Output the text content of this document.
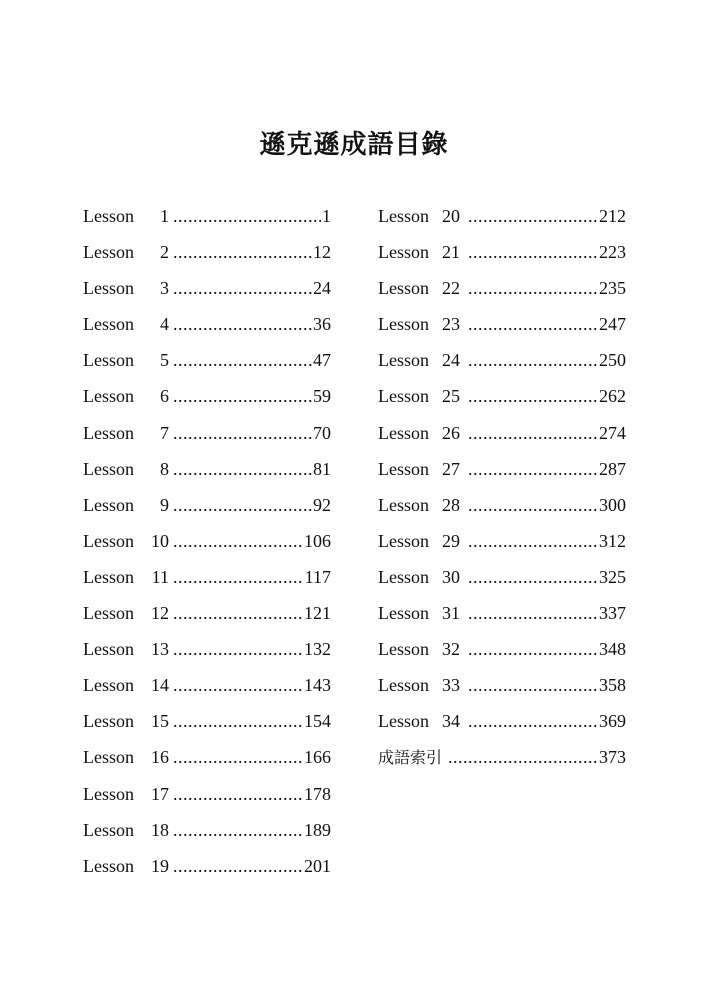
遜克遜成語目錄
Lesson	1 .....	1
Lesson	2 .....	12
Lesson	3 .....	24
Lesson	4 .....	36
Lesson	5 .....	47
Lesson	6 .....	59
Lesson	7 .....	70
Lesson	8 .....	81
Lesson	9 .....	92
Lesson 10 .....	106
Lesson 11 .....	117
Lesson 12 .....	121
Lesson 13 .....	132
Lesson 14 .....	143
Lesson 15 .....	154
Lesson 16 .....	166
Lesson 17 .....	178
Lesson 18 .....	189
Lesson 19 .....	201
Lesson 20 .....	212
Lesson 21 .....	223
Lesson 22 .....	235
Lesson 23 .....	247
Lesson 24 .....	250
Lesson 25 .....	262
Lesson 26 .....	274
Lesson 27 .....	287
Lesson 28 .....	300
Lesson 29 .....	312
Lesson 30 .....	325
Lesson 31 .....	337
Lesson 32 .....	348
Lesson 33 .....	358
Lesson 34 .....	369
成語索引 .....	373
